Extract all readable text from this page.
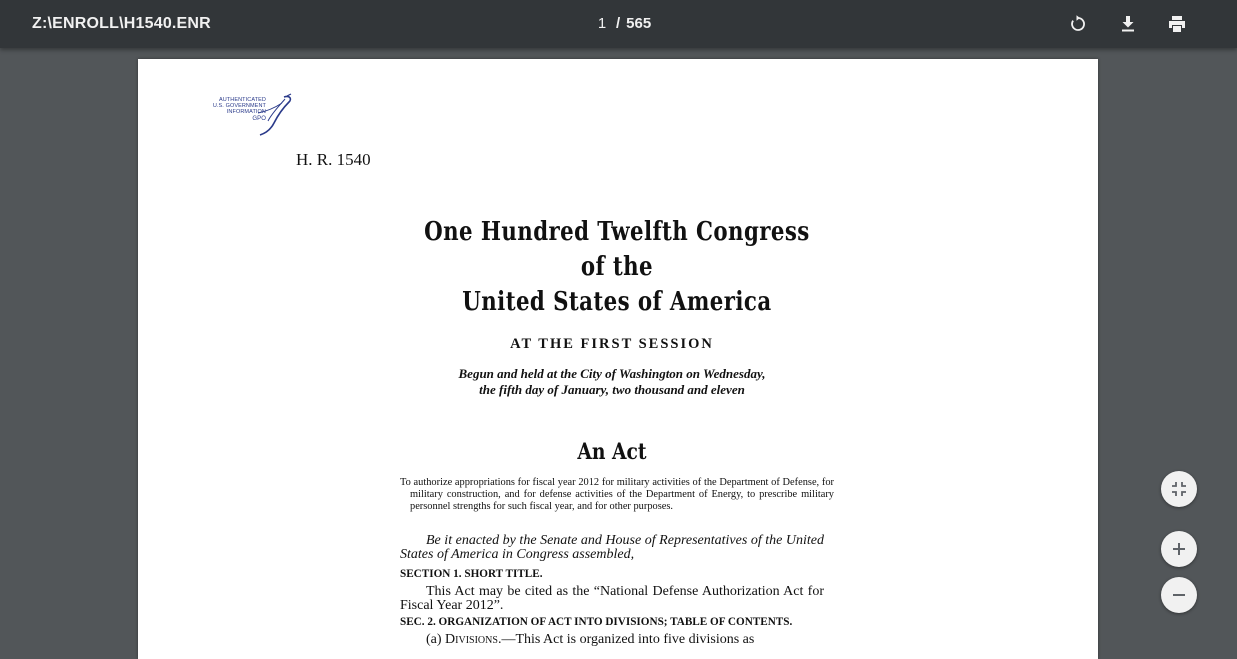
Z:\ENROLL\H1540.ENR	1 / 565
AUTHENTICATED
U.S. GOVERNMENT
INFORMATION
GPO
H. R. 1540
One Hundred Twelfth Congress
of the
United States of America
AT THE FIRST SESSION
Begun and held at the City of Washington on Wednesday,
the fifth day of January, two thousand and eleven
An Act
To authorize appropriations for fiscal year 2012 for military activities of the Department of Defense, for military construction, and for defense activities of the Department of Energy, to prescribe military personnel strengths for such fiscal year, and for other purposes.
Be it enacted by the Senate and House of Representatives of the United States of America in Congress assembled,
SECTION 1. SHORT TITLE.
This Act may be cited as the “National Defense Authorization Act for Fiscal Year 2012”.
SEC. 2. ORGANIZATION OF ACT INTO DIVISIONS; TABLE OF CONTENTS.
(a) Divisions.—This Act is organized into five divisions as
